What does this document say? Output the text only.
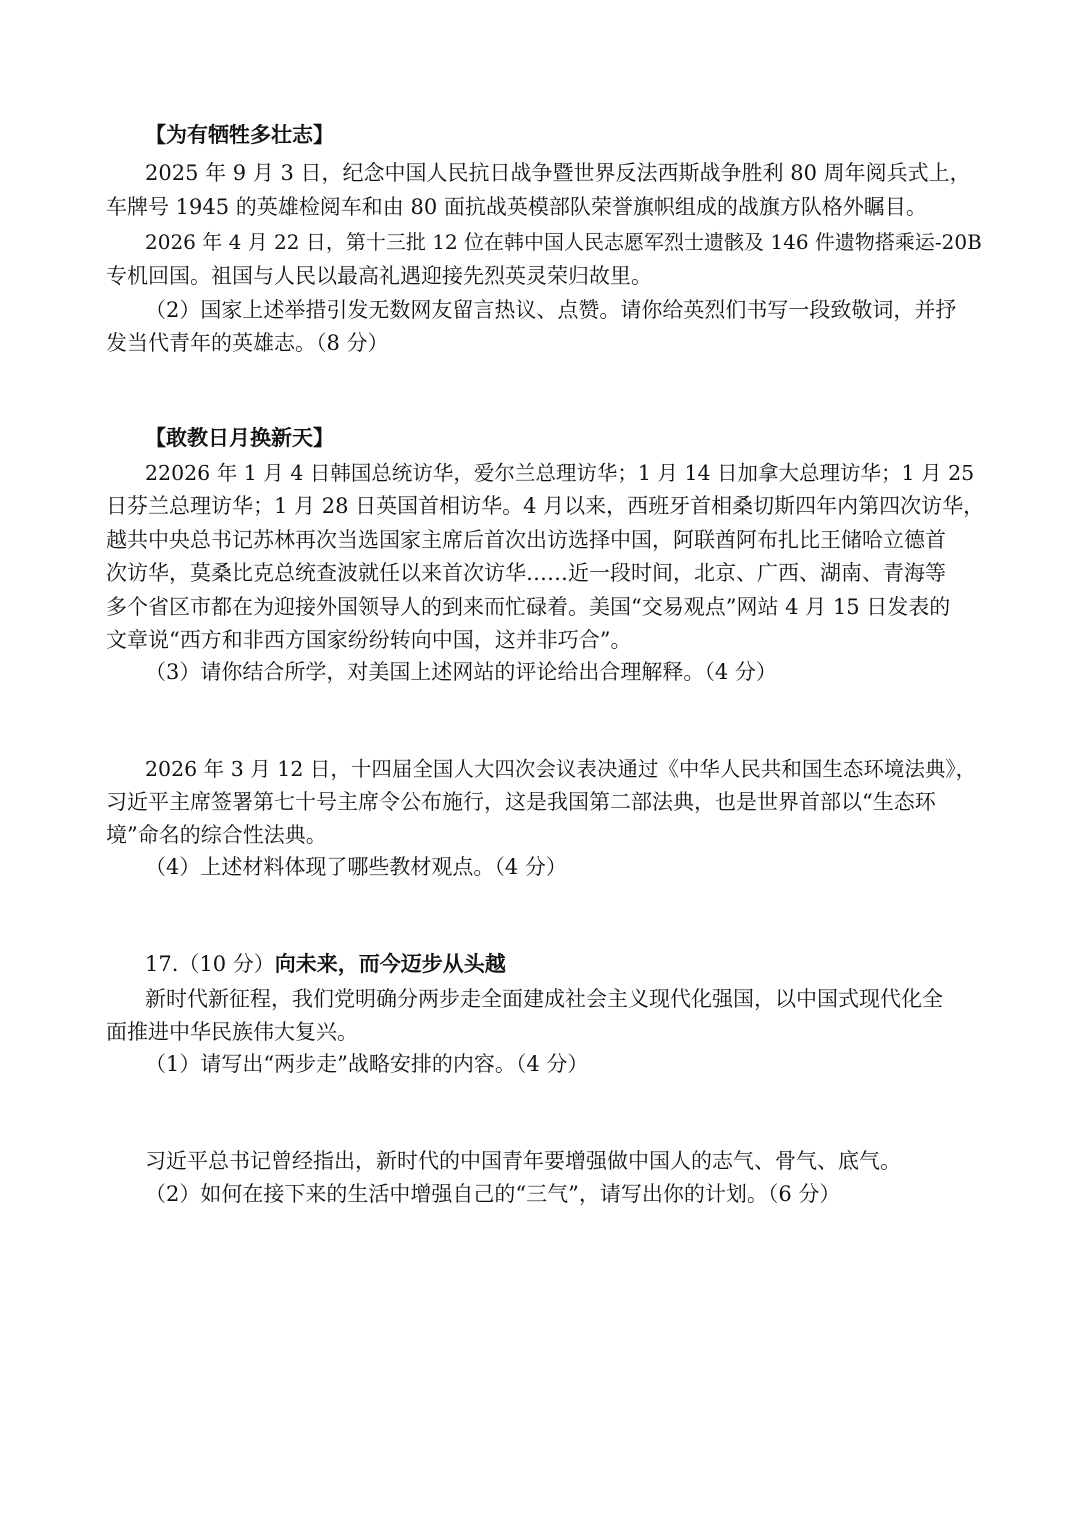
【为有牺牲多壮志】
2025 年 9 月 3 日，纪念中国人民抗日战争暨世界反法西斯战争胜利 80 周年阅兵式上，
车牌号 1945 的英雄检阅车和由 80 面抗战英模部队荣誉旗帜组成的战旗方队格外瞩目。
2026 年 4 月 22 日，第十三批 12 位在韩中国人民志愿军烈士遗骸及 146 件遗物搭乘运-20B
专机回国。祖国与人民以最高礼遇迎接先烈英灵荣归故里。
（2）国家上述举措引发无数网友留言热议、点赞。请你给英烈们书写一段致敬词，并抒
发当代青年的英雄志。（8 分）
【敢教日月换新天】
22026 年 1 月 4 日韩国总统访华，爱尔兰总理访华；1 月 14 日加拿大总理访华；1 月 25
日芬兰总理访华；1 月 28 日英国首相访华。4 月以来，西班牙首相桑切斯四年内第四次访华，
越共中央总书记苏林再次当选国家主席后首次出访选择中国，阿联酋阿布扎比王储哈立德首
次访华，莫桑比克总统查波就任以来首次访华……近一段时间，北京、广西、湖南、青海等
多个省区市都在为迎接外国领导人的到来而忙碌着。美国“交易观点”网站 4 月 15 日发表的
文章说“西方和非西方国家纷纷转向中国，这并非巧合”。
（3）请你结合所学，对美国上述网站的评论给出合理解释。（4 分）
2026 年 3 月 12 日，十四届全国人大四次会议表决通过《中华人民共和国生态环境法典》，
习近平主席签署第七十号主席令公布施行，这是我国第二部法典，也是世界首部以“生态环
境”命名的综合性法典。
（4）上述材料体现了哪些教材观点。（4 分）
17.（10 分）向未来，而今迈步从头越
新时代新征程，我们党明确分两步走全面建成社会主义现代化强国，以中国式现代化全
面推进中华民族伟大复兴。
（1）请写出“两步走”战略安排的内容。（4 分）
习近平总书记曾经指出，新时代的中国青年要增强做中国人的志气、骨气、底气。
（2）如何在接下来的生活中增强自己的“三气”，请写出你的计划。（6 分）
